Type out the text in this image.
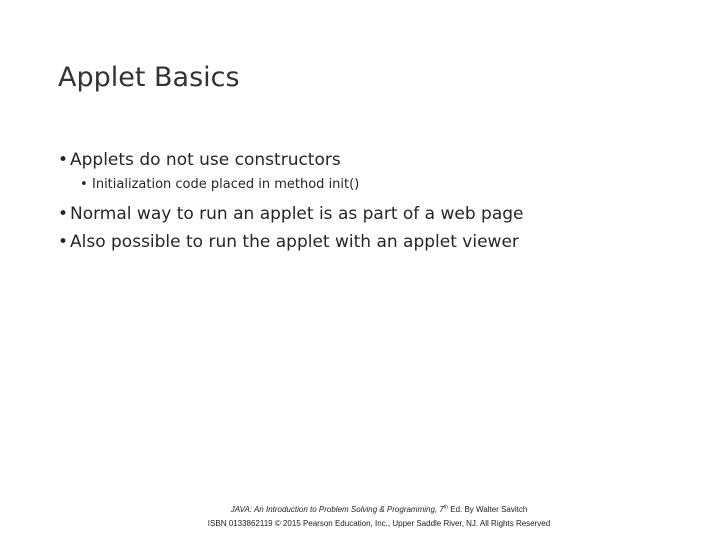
Applet Basics
• Applets do not use constructors
• Initialization code placed in method init()
• Normal way to run an applet is as part of a web page
• Also possible to run the applet with an applet viewer
JAVA: An Introduction to Problem Solving & Programming, 7th Ed. By Walter Savitch
ISBN 0133862119 © 2015 Pearson Education, Inc., Upper Saddle River, NJ. All Rights Reserved
